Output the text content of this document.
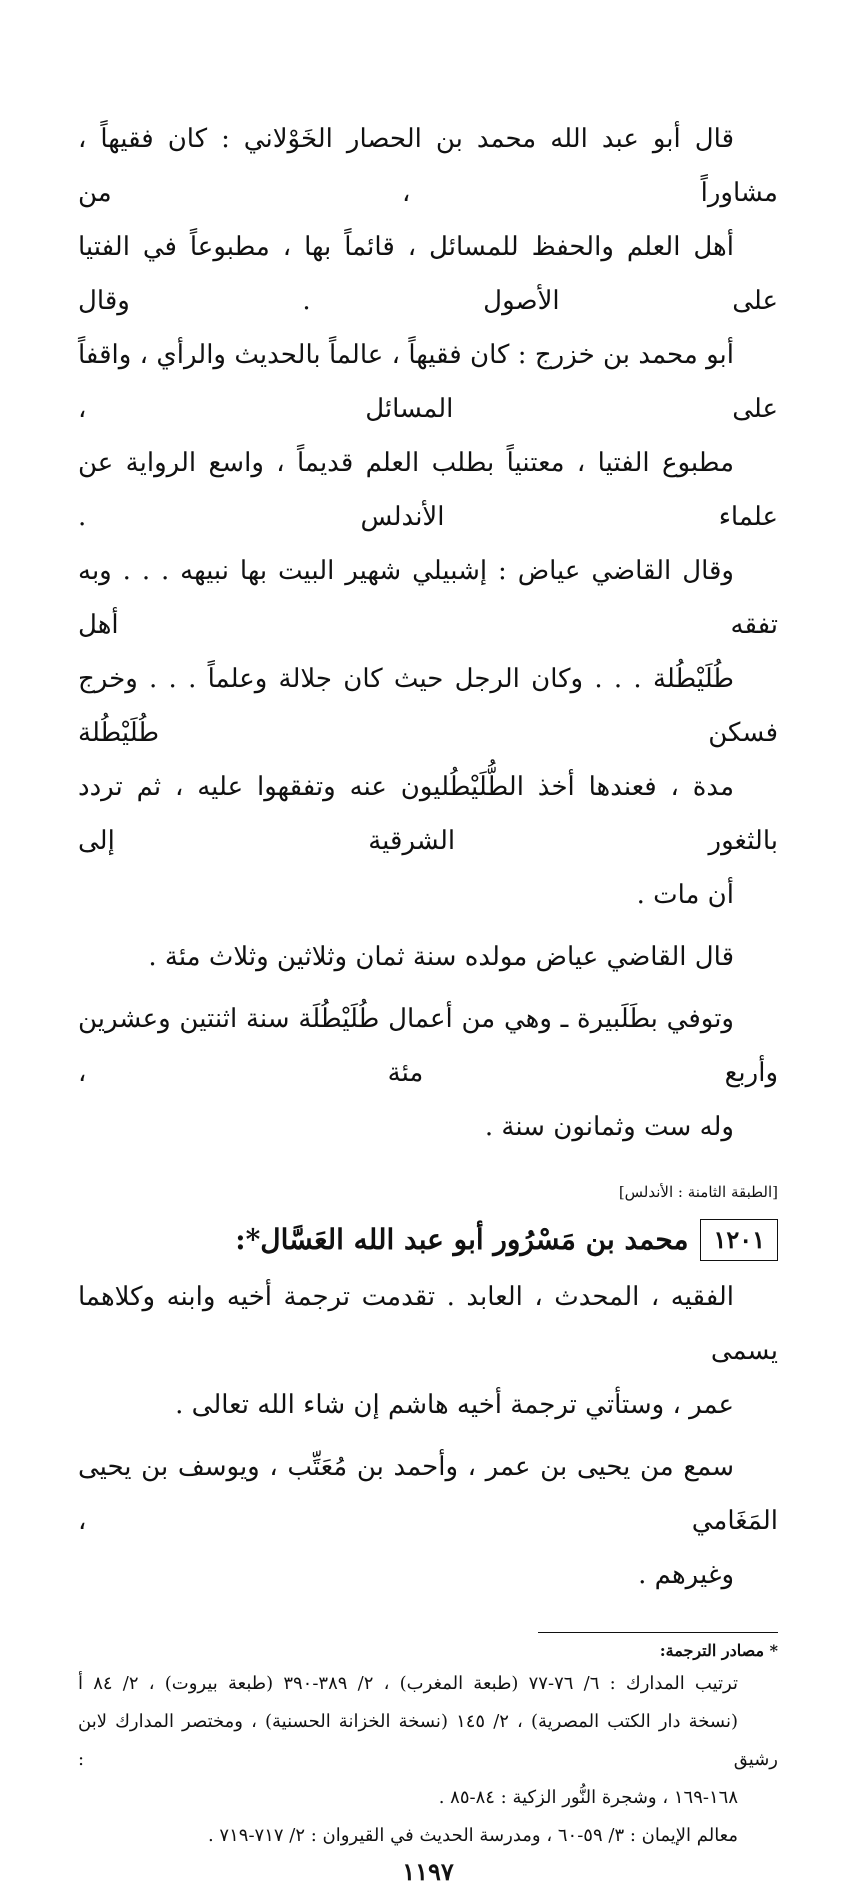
قال أبو عبد الله محمد بن الحصار الخَوْلاني : كان فقيهاً ، مشاوراً ، من
أهل العلم والحفظ للمسائل ، قائماً بها ، مطبوعاً في الفتيا على الأصول . وقال
أبو محمد بن خزرج : كان فقيهاً ، عالماً بالحديث والرأي ، واقفاً على المسائل ،
مطبوع الفتيا ، معتنياً بطلب العلم قديماً ، واسع الرواية عن علماء الأندلس .
وقال القاضي عياض : إشبيلي شهير البيت بها نبيهه . . . وبه تفقه أهل
طُلَيْطُلة . . . وكان الرجل حيث كان جلالة وعلماً . . . وخرج فسكن طُلَيْطُلة
مدة ، فعندها أخذ الطُّلَيْطُليون عنه وتفقهوا عليه ، ثم تردد بالثغور الشرقية إلى
أن مات .

قال القاضي عياض مولده سنة ثمان وثلاثين وثلاث مئة .

وتوفي بطَلَبيرة ـ وهي من أعمال طُلَيْطُلَة سنة اثنتين وعشرين وأربع مئة ،
وله ست وثمانون سنة .

[الطبقة الثامنة : الأندلس]
١٢٠١
محمد بن مَسْرُور أبو عبد الله العَسَّال*:

الفقيه ، المحدث ، العابد . تقدمت ترجمة أخيه وابنه وكلاهما يسمى
عمر ، وستأتي ترجمة أخيه هاشم إن شاء الله تعالى .

سمع من يحيى بن عمر ، وأحمد بن مُعَتِّب ، ويوسف بن يحيى المَغَامي ،
وغيرهم .

* مصادر الترجمة:

ترتيب المدارك : ٦/ ٧٦-٧٧ (طبعة المغرب) ، ٢/ ٣٨٩-٣٩٠ (طبعة بيروت) ، ٢/ ٨٤ أ
(نسخة دار الكتب المصرية) ، ٢/ ١٤٥ (نسخة الخزانة الحسنية) ، ومختصر المدارك لابن رشيق :
١٦٨-١٦٩ ، وشجرة النُّور الزكية : ٨٤-٨٥ .

معالم الإيمان : ٣/ ٥٩-٦٠ ، ومدرسة الحديث في القيروان : ٢/ ٧١٧-٧١٩ .

١١٩٧
